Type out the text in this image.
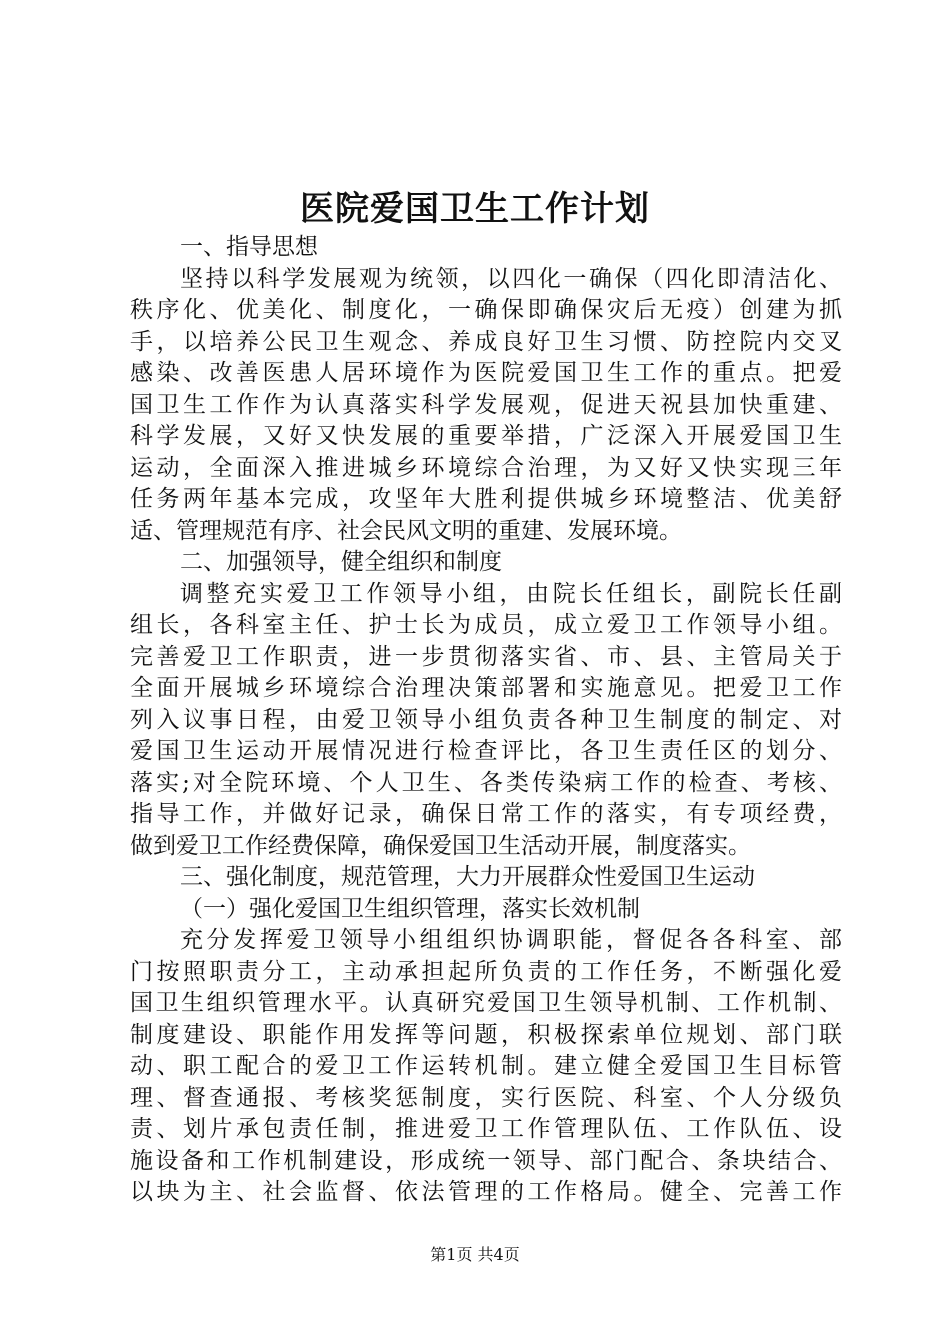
医院爱国卫生工作计划
一、指导思想
坚持以科学发展观为统领，以四化一确保（四化即清洁化、
秩序化、优美化、制度化，一确保即确保灾后无疫）创建为抓
手，以培养公民卫生观念、养成良好卫生习惯、防控院内交叉
感染、改善医患人居环境作为医院爱国卫生工作的重点。把爱
国卫生工作作为认真落实科学发展观，促进天祝县加快重建、
科学发展，又好又快发展的重要举措，广泛深入开展爱国卫生
运动，全面深入推进城乡环境综合治理，为又好又快实现三年
任务两年基本完成，攻坚年大胜利提供城乡环境整洁、优美舒
适、管理规范有序、社会民风文明的重建、发展环境。
二、加强领导，健全组织和制度
调整充实爱卫工作领导小组，由院长任组长，副院长任副
组长，各科室主任、护士长为成员，成立爱卫工作领导小组。
完善爱卫工作职责，进一步贯彻落实省、市、县、主管局关于
全面开展城乡环境综合治理决策部署和实施意见。把爱卫工作
列入议事日程，由爱卫领导小组负责各种卫生制度的制定、对
爱国卫生运动开展情况进行检查评比，各卫生责任区的划分、
落实;对全院环境、个人卫生、各类传染病工作的检查、考核、
指导工作，并做好记录，确保日常工作的落实，有专项经费，
做到爱卫工作经费保障，确保爱国卫生活动开展，制度落实。
三、强化制度，规范管理，大力开展群众性爱国卫生运动
（一）强化爱国卫生组织管理，落实长效机制
充分发挥爱卫领导小组组织协调职能，督促各各科室、部
门按照职责分工，主动承担起所负责的工作任务，不断强化爱
国卫生组织管理水平。认真研究爱国卫生领导机制、工作机制、
制度建设、职能作用发挥等问题，积极探索单位规划、部门联
动、职工配合的爱卫工作运转机制。建立健全爱国卫生目标管
理、督查通报、考核奖惩制度，实行医院、科室、个人分级负
责、划片承包责任制，推进爱卫工作管理队伍、工作队伍、设
施设备和工作机制建设，形成统一领导、部门配合、条块结合、
以块为主、社会监督、依法管理的工作格局。健全、完善工作
第1页 共4页
